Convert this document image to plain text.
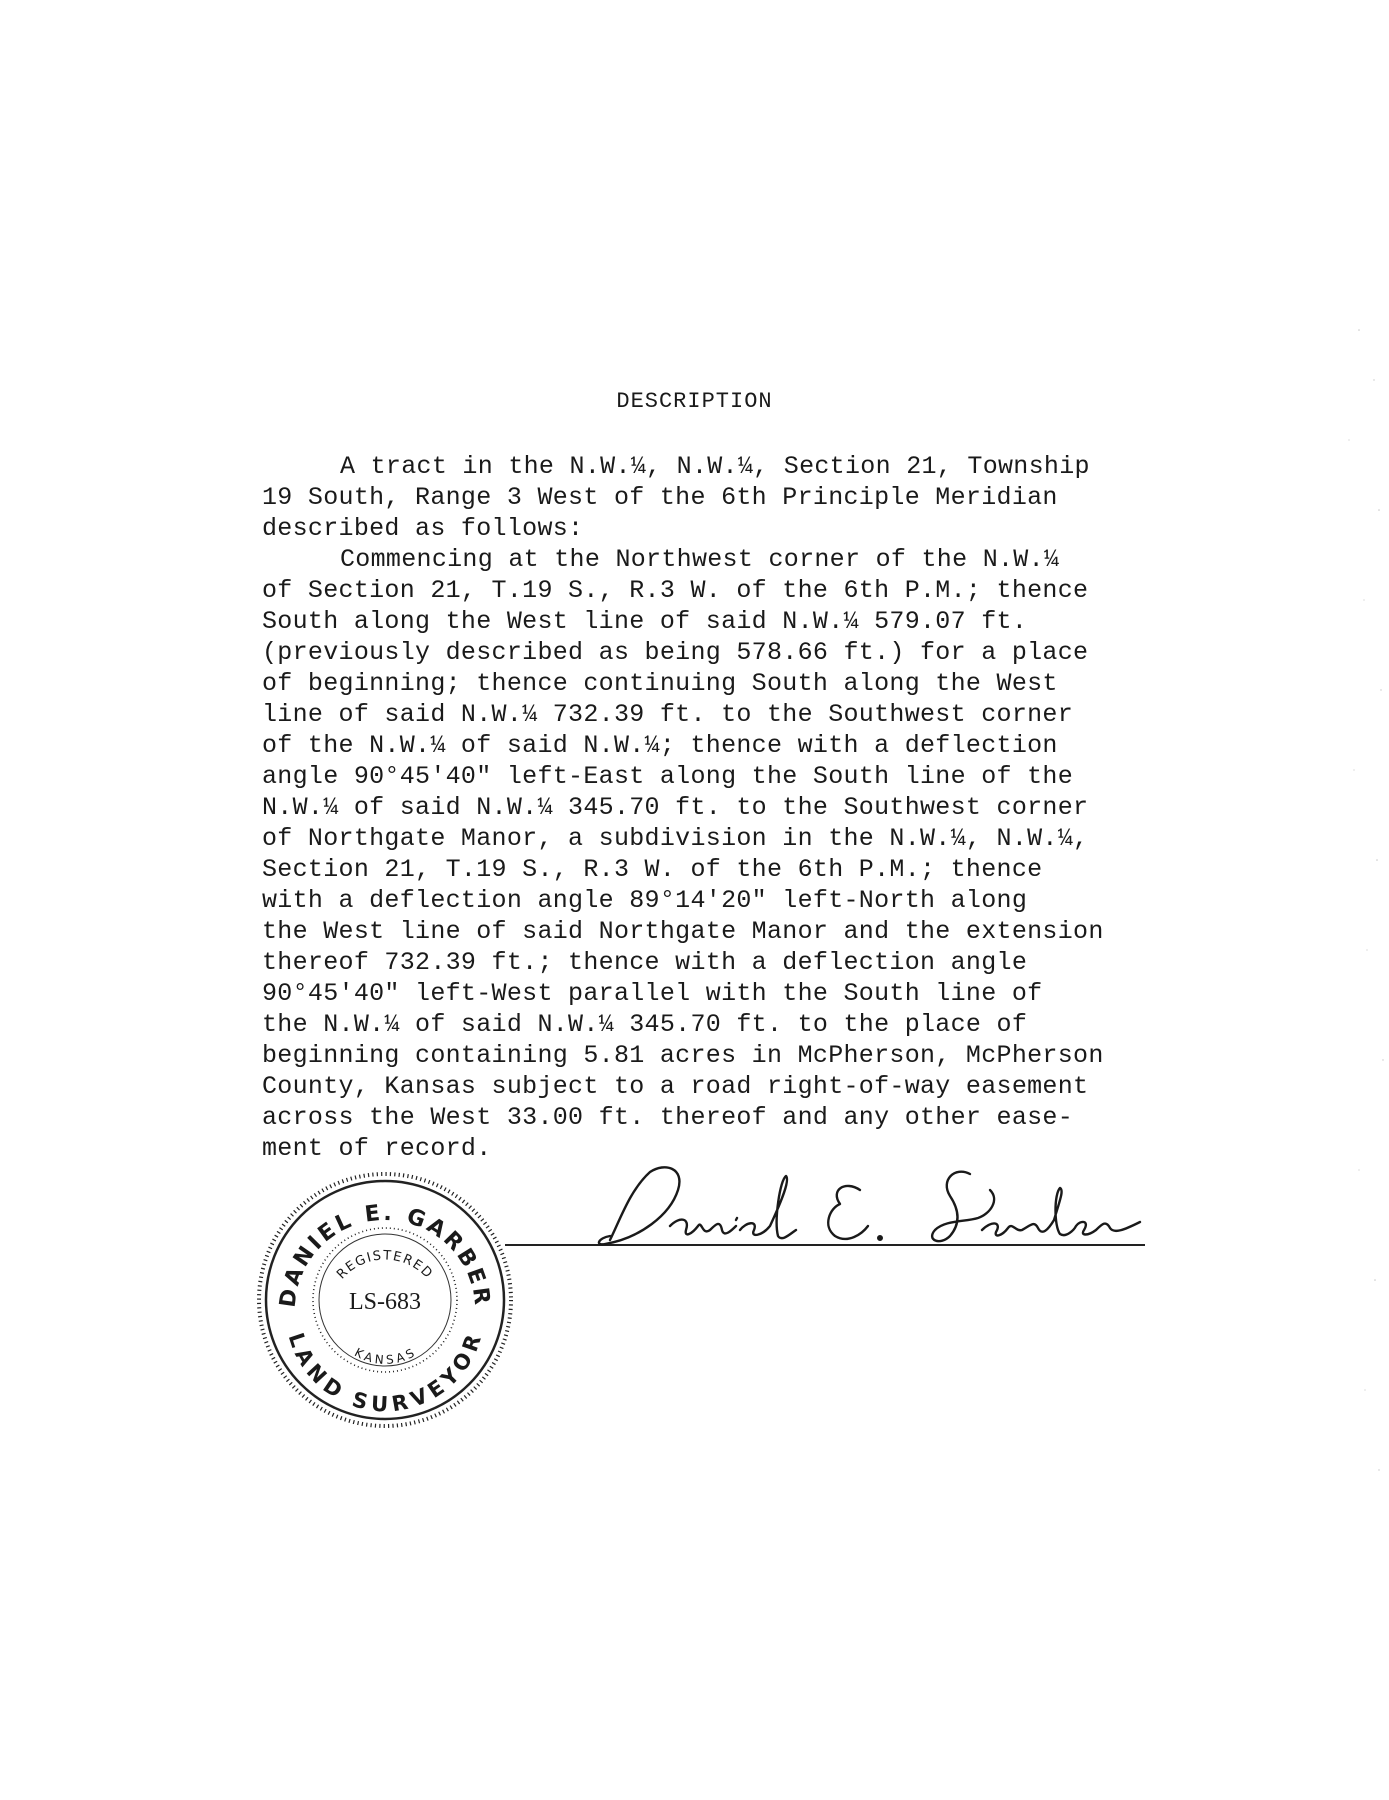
DESCRIPTION
A tract in the N.W.¼, N.W.¼, Section 21, Township
19 South, Range 3 West of the 6th Principle Meridian
described as follows:
Commencing at the Northwest corner of the N.W.¼
of Section 21, T.19 S., R.3 W. of the 6th P.M.; thence
South along the West line of said N.W.¼ 579.07 ft.
(previously described as being 578.66 ft.) for a place
of beginning; thence continuing South along the West
line of said N.W.¼ 732.39 ft. to the Southwest corner
of the N.W.¼ of said N.W.¼; thence with a deflection
angle 90°45'40" left-East along the South line of the
N.W.¼ of said N.W.¼ 345.70 ft. to the Southwest corner
of Northgate Manor, a subdivision in the N.W.¼, N.W.¼,
Section 21, T.19 S., R.3 W. of the 6th P.M.; thence
with a deflection angle 89°14'20" left-North along
the West line of said Northgate Manor and the extension
thereof 732.39 ft.; thence with a deflection angle
90°45'40" left-West parallel with the South line of
the N.W.¼ of said N.W.¼ 345.70 ft. to the place of
beginning containing 5.81 acres in McPherson, McPherson
County, Kansas subject to a road right-of-way easement
across the West 33.00 ft. thereof and any other ease-
ment of record.
DANIEL E. GARBER
LAND SURVEYOR
REGISTERED
KANSAS
LS-683
